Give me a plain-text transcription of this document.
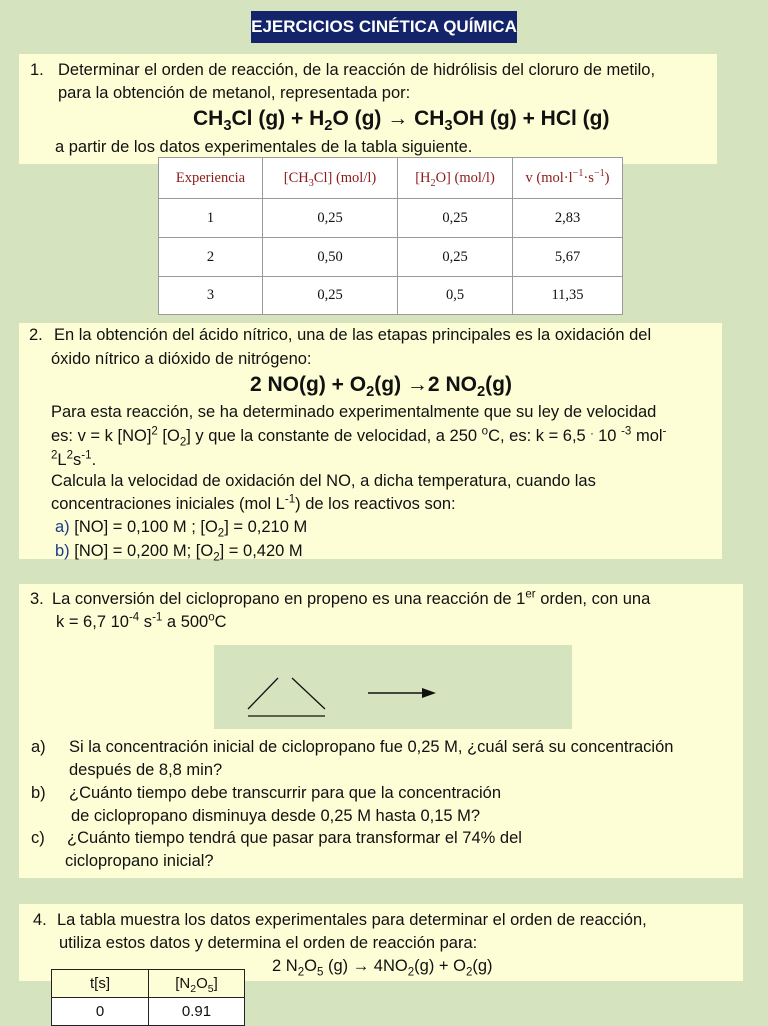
EJERCICIOS CINÉTICA QUÍMICA
1. Determinar el orden de reacción, de la reacción de hidrólisis del cloruro de metilo,
para la obtención de metanol, representada por:
$CH_3Cl$ $(g) + H_2O$ $(g) \to CH_3OH$ (g) + HCl (g)
a partir de los datos experimentales de la tabla siguiente.
Experiencia	$[CH_3Cl]$ (mol/l)	$[H_2O]$ (mol/l)	v $(mol\cdot l^{-1}\cdot s^{-1})$
1	0,25	0,25	2,83
2	0,50	0,25	5,67
3	0,25	0,5	11,35
2. En la obtención del ácido nítrico, una de las etapas principales es la oxidación del
óxido nítrico a dióxido de nitrógeno:
2 $NO(g) + O_2(g) \to 2$ $NO_2(g)$
Para esta reacción, se ha determinado experimentalmente que su ley de velocidad
es: v = k [NO]$^2$ $[O_2]$ y que la constante de velocidad, a 250 $^o$C, es: k = 6,5 . 10 $^{-3}$ mol-
$^2L^2s^{-1}$.
Calcula la velocidad de oxidación del NO, a dicha temperatura, cuando las
concentraciones iniciales (mol $L^{-1}$) de los reactivos son:
a) [NO] = 0,100 M ; $[O_2] = 0,210$ M
b) [NO] = 0,200 M; $[O_2] = 0,420$ M
3. La conversión del ciclopropano en propeno es una reacción de 1er orden, con una
k = 6,7 $10^{-4}$ $s^{-1}$ a 500$^o$C
a) Si la concentración inicial de ciclopropano fue 0,25 M, ¿cuál será su concentración
después de 8,8 min?
b) ¿Cuánto tiempo debe transcurrir para que la concentración
de ciclopropano disminuya desde 0,25 M hasta 0,15 M?
c) ¿Cuánto tiempo tendrá que pasar para transformar el 74% del
ciclopropano inicial?
4. La tabla muestra los datos experimentales para determinar el orden de reacción,
utiliza estos datos y determina el orden de reacción para:
2 $N_2O_5$ $(g) \to 4NO_2(g) + O_2(g)$
t[s]	$[N_2O_5]$
0	0.91
